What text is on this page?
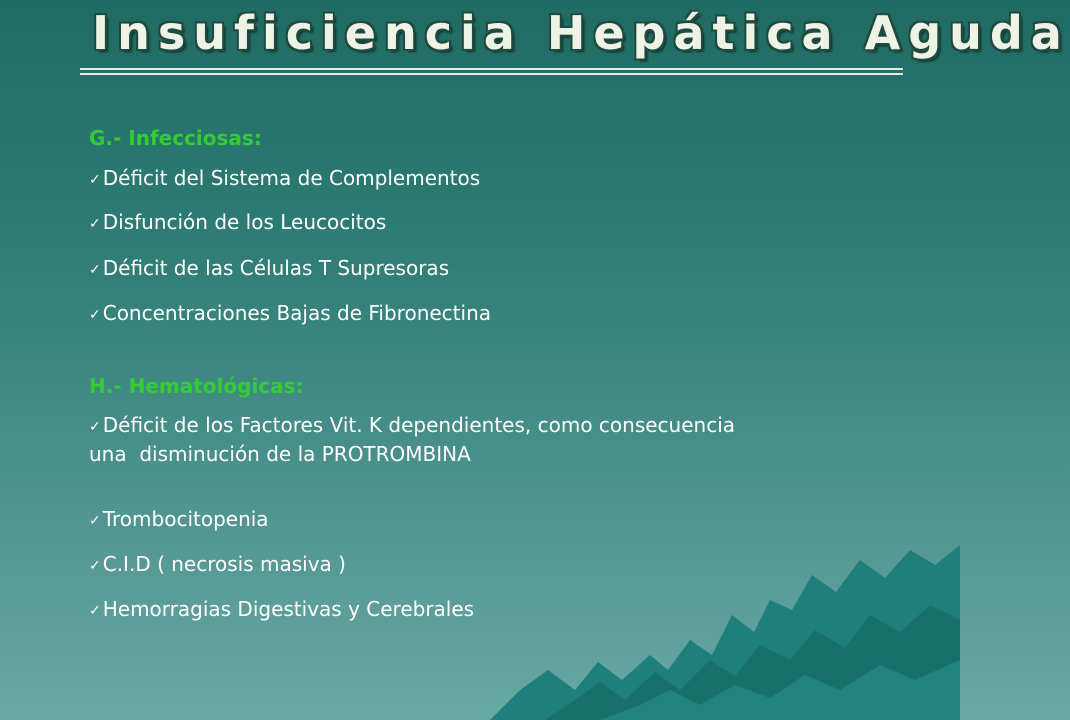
Insuficiencia Hepática Aguda
G.- Infecciosas:
✓ Déficit del Sistema de Complementos
✓ Disfunción de los Leucocitos
✓ Déficit de las Células T Supresoras
✓ Concentraciones Bajas de Fibronectina
H.- Hematológicas:
✓ Déficit de los Factores Vit. K dependientes, como consecuencia
una  disminución de la PROTROMBINA
✓ Trombocitopenia
✓ C.I.D ( necrosis masiva )
✓ Hemorragias Digestivas y Cerebrales
